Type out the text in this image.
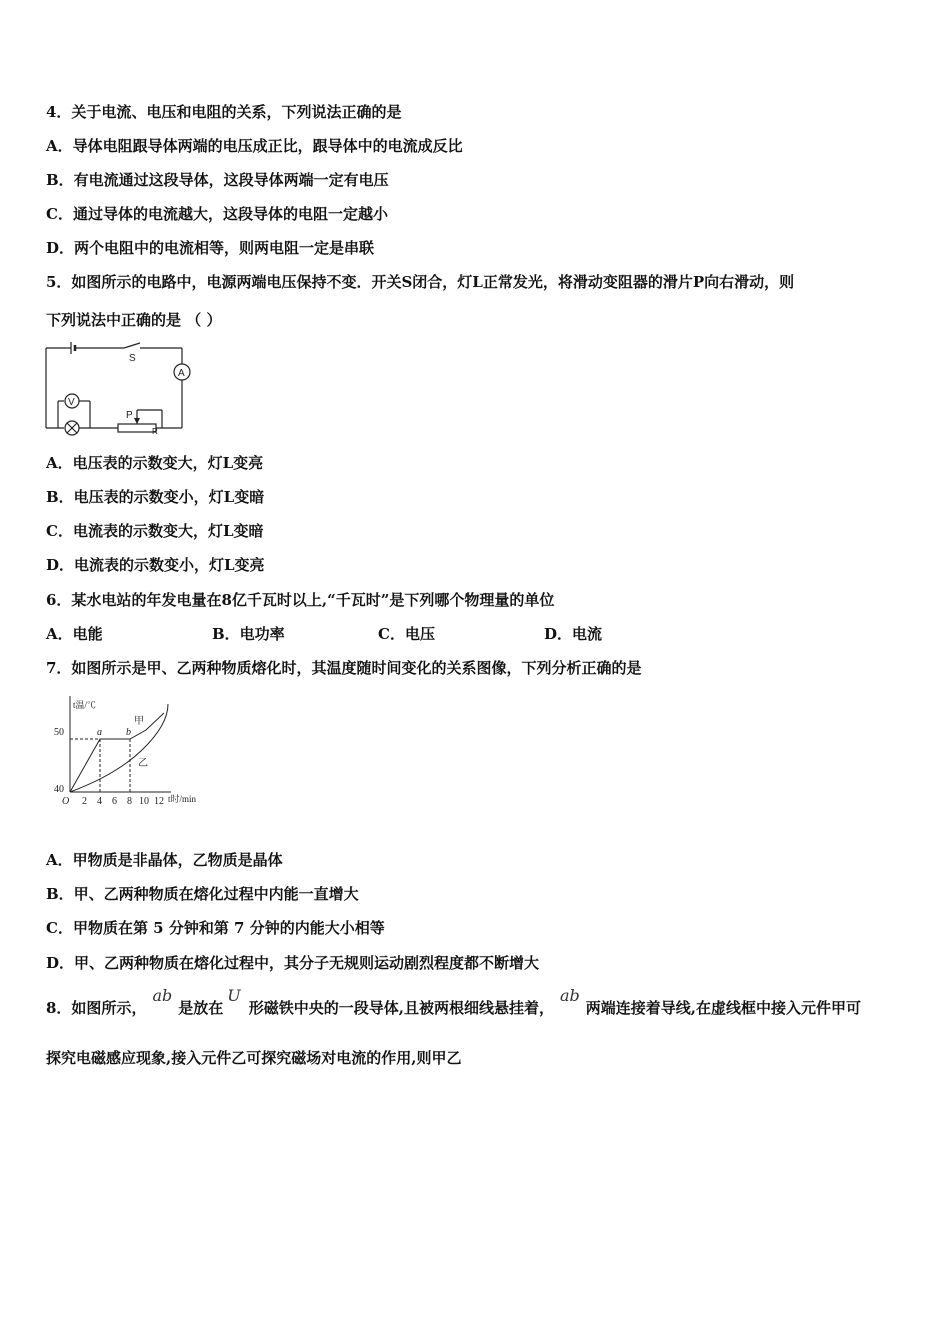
4．关于电流、电压和电阻的关系，下列说法正确的是
A．导体电阻跟导体两端的电压成正比，跟导体中的电流成反比
B．有电流通过这段导体，这段导体两端一定有电压
C．通过导体的电流越大，这段导体的电阻一定越小
D．两个电阻中的电流相等，则两电阻一定是串联
5．如图所示的电路中，电源两端电压保持不变．开关S闭合，灯L正常发光，将滑动变阻器的滑片P向右滑动，则
下列说法中正确的是 （ ）
S
A
V
P
R
A．电压表的示数变大，灯L变亮
B．电压表的示数变小，灯L变暗
C．电流表的示数变大，灯L变暗
D．电流表的示数变小，灯L变亮
6．某水电站的年发电量在8亿千瓦时以上,“千瓦时”是下列哪个物理量的单位
A．电能	B．电功率	C．电压	D．电流
7．如图所示是甲、乙两种物质熔化时，其温度随时间变化的关系图像，下列分析正确的是
t温/℃
t时/min
50
40
O 2 4 6 8 10 12
a b
甲
乙
A．甲物质是非晶体，乙物质是晶体
B．甲、乙两种物质在熔化过程中内能一直增大
C．甲物质在第 5 分钟和第 7 分钟的内能大小相等
D．甲、乙两种物质在熔化过程中，其分子无规则运动剧烈程度都不断增大
8．如图所示，ab是放在U形磁铁中央的一段导体,且被两根细线悬挂着，ab两端连接着导线,在虚线框中接入元件甲可
探究电磁感应现象,接入元件乙可探究磁场对电流的作用,则甲乙
